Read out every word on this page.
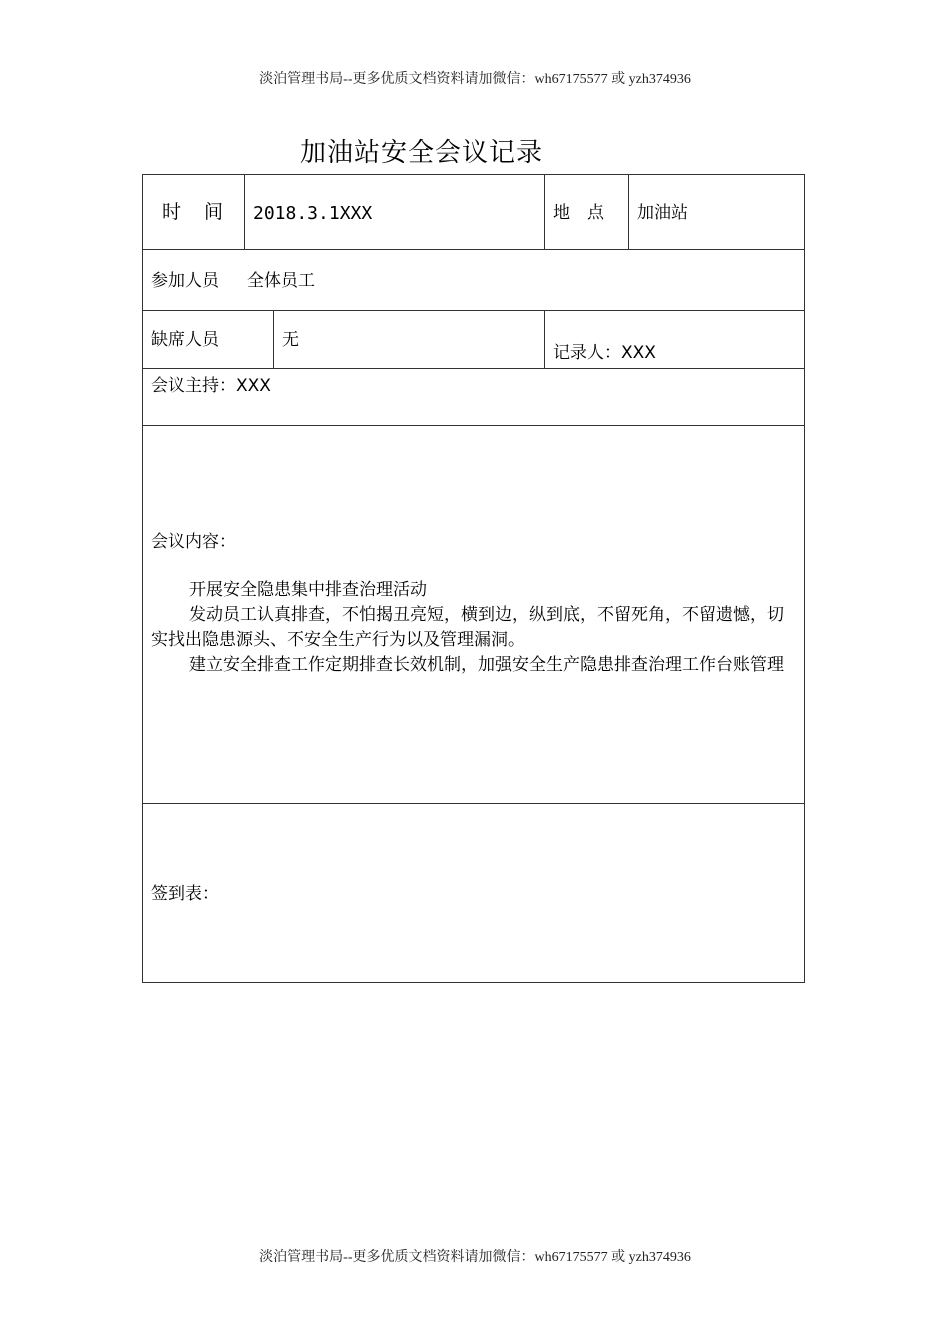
淡泊管理书局--更多优质文档资料请加微信：wh67175577 或 yzh374936
加油站安全会议记录
时　间 2018.3.1XXX	地　点 加油站
参加人员 全体员工
缺席人员	无
记录人：XXX
会议主持：XXX
会议内容：

开展安全隐患集中排查治理活动

发动员工认真排查，不怕揭丑亮短，横到边，纵到底，不留死角，不留遗憾，切实找出隐患源头、不安全生产行为以及管理漏洞。

建立安全排查工作定期排查长效机制，加强安全生产隐患排查治理工作台账管理

签到表：
淡泊管理书局--更多优质文档资料请加微信：wh67175577 或 yzh374936
